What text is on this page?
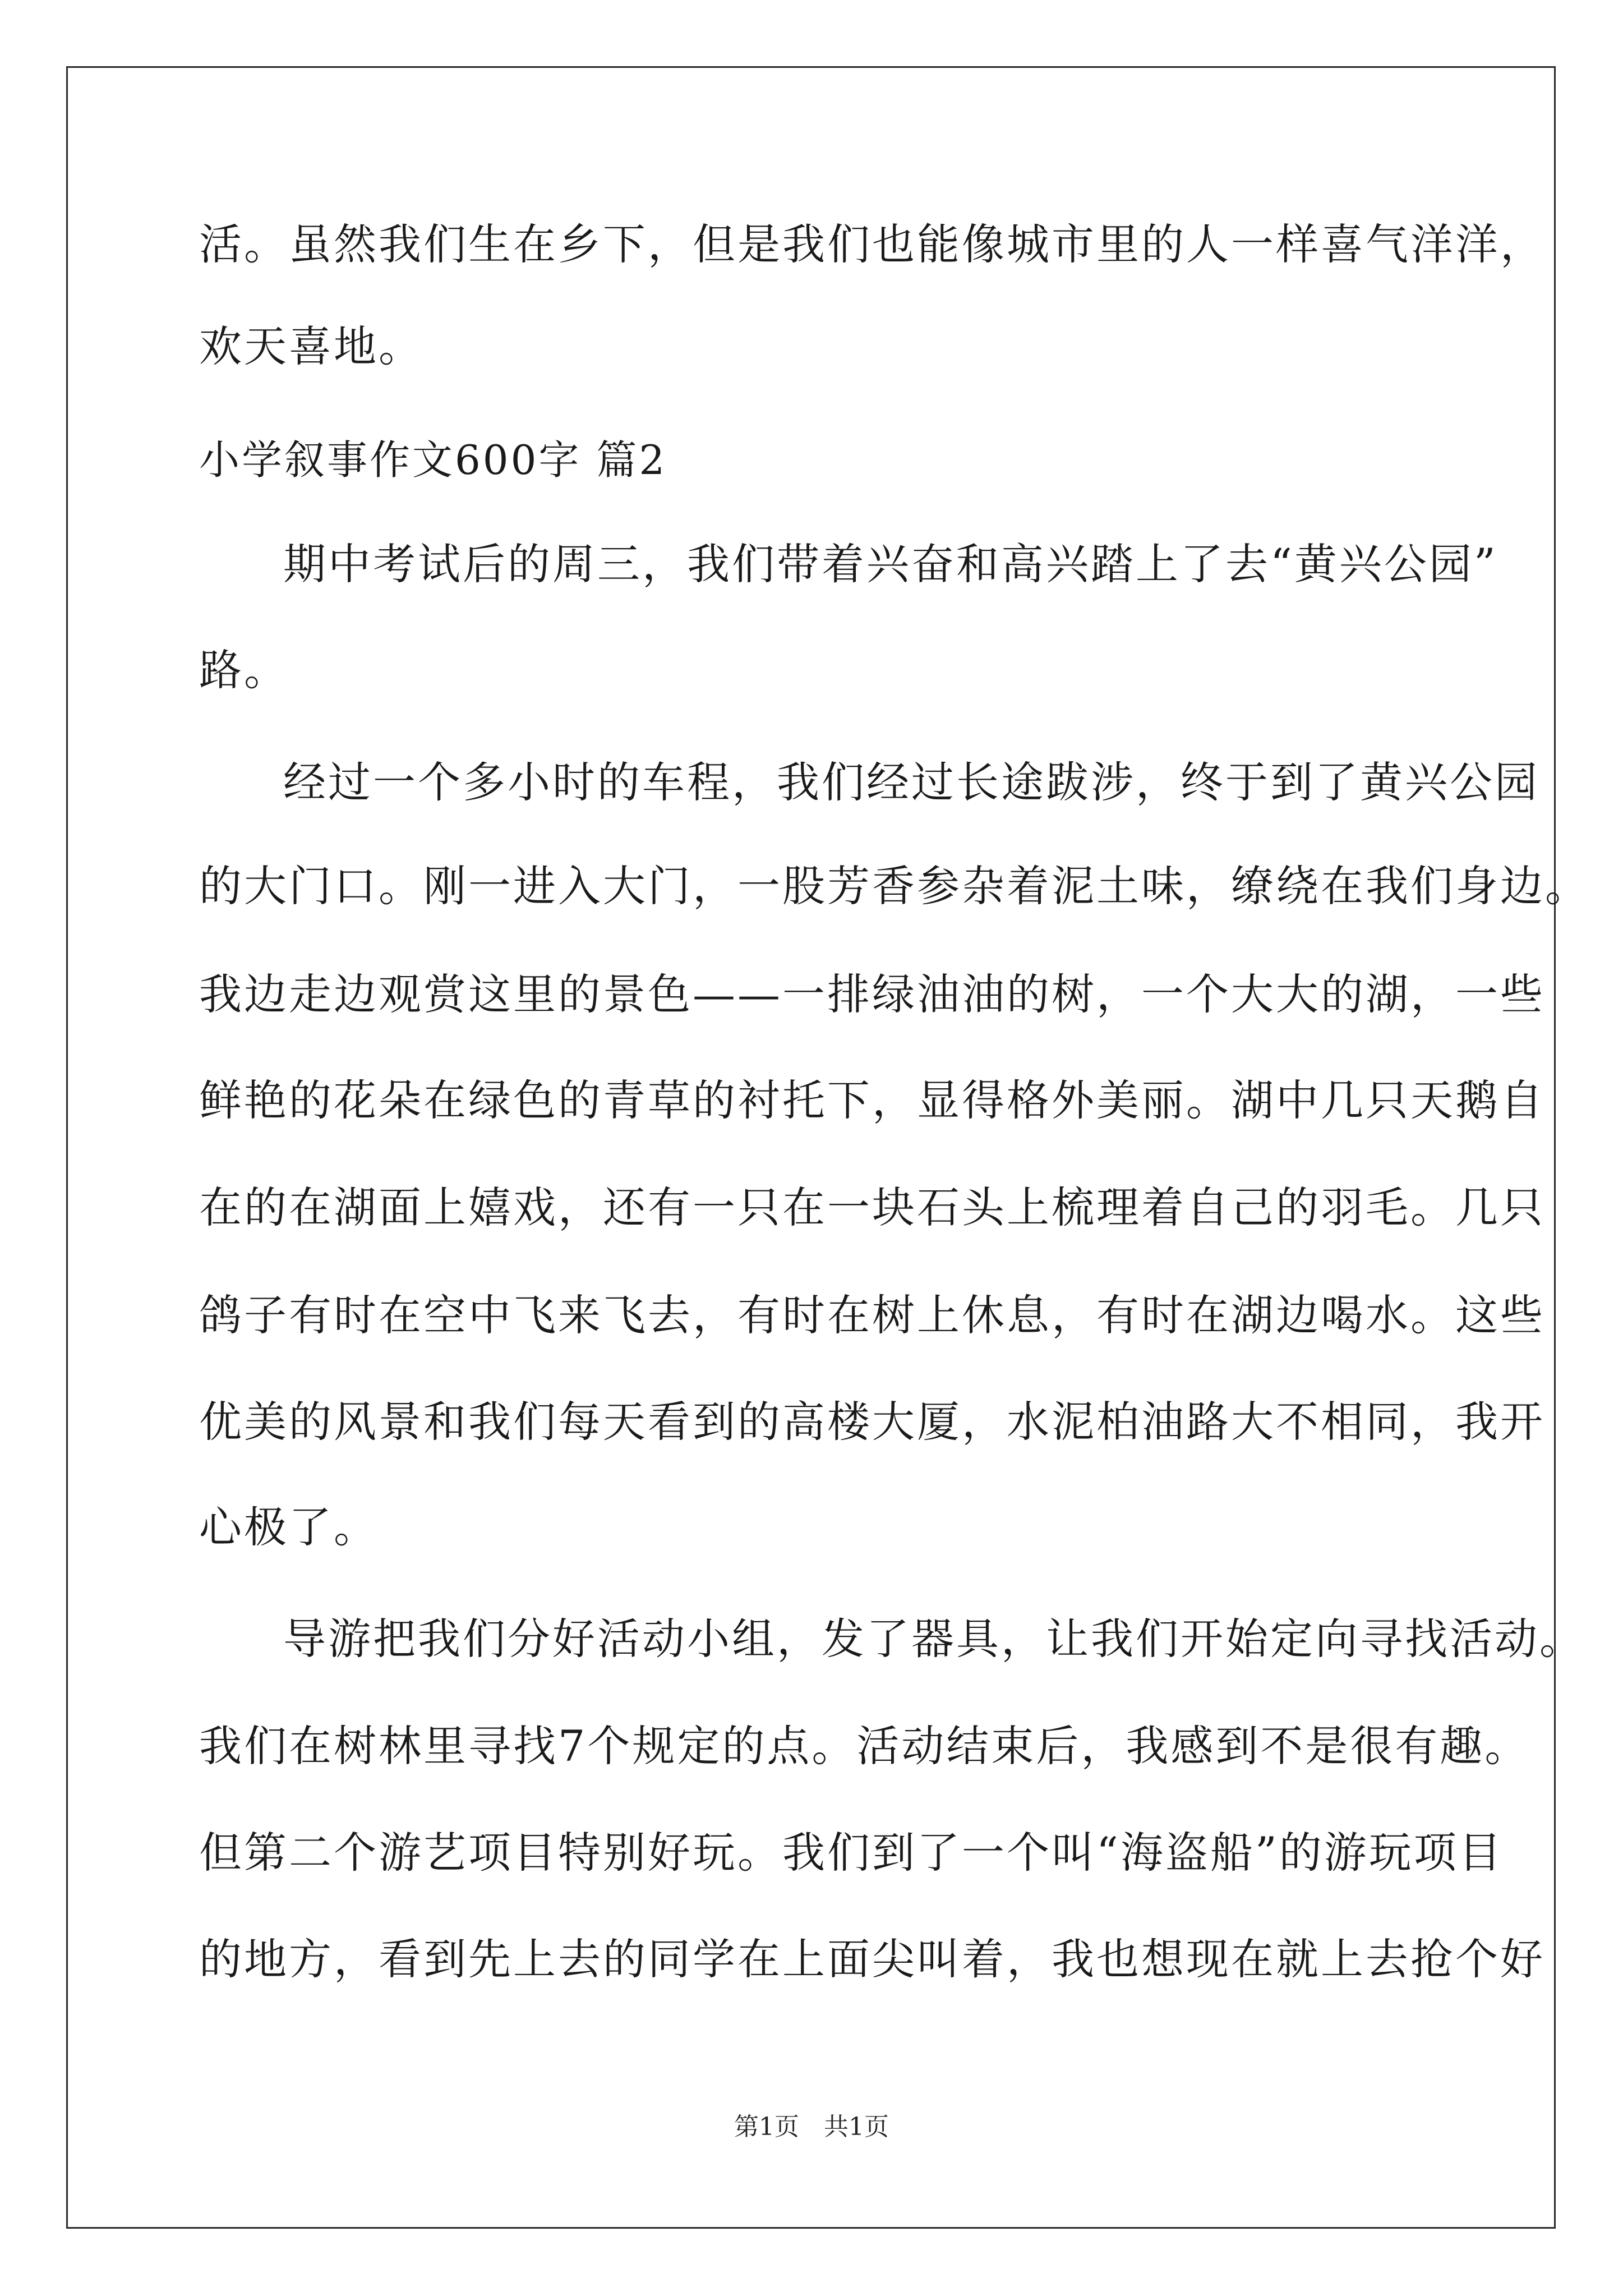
活。虽然我们生在乡下，但是我们也能像城市里的人一样喜气洋洋，
欢天喜地。
小学叙事作文600字 篇2
期中考试后的周三，我们带着兴奋和高兴踏上了去“黄兴公园”
路。
经过一个多小时的车程，我们经过长途跋涉，终于到了黄兴公园
的大门口。刚一进入大门，一股芳香参杂着泥土味，缭绕在我们身边。
我边走边观赏这里的景色——一排绿油油的树，一个大大的湖，一些
鲜艳的花朵在绿色的青草的衬托下，显得格外美丽。湖中几只天鹅自
在的在湖面上嬉戏，还有一只在一块石头上梳理着自己的羽毛。几只
鸽子有时在空中飞来飞去，有时在树上休息，有时在湖边喝水。这些
优美的风景和我们每天看到的高楼大厦，水泥柏油路大不相同，我开
心极了。
导游把我们分好活动小组，发了器具，让我们开始定向寻找活动。
我们在树林里寻找7个规定的点。活动结束后，我感到不是很有趣。
但第二个游艺项目特别好玩。我们到了一个叫“海盗船”的游玩项目
的地方，看到先上去的同学在上面尖叫着，我也想现在就上去抢个好
第1页　共1页
